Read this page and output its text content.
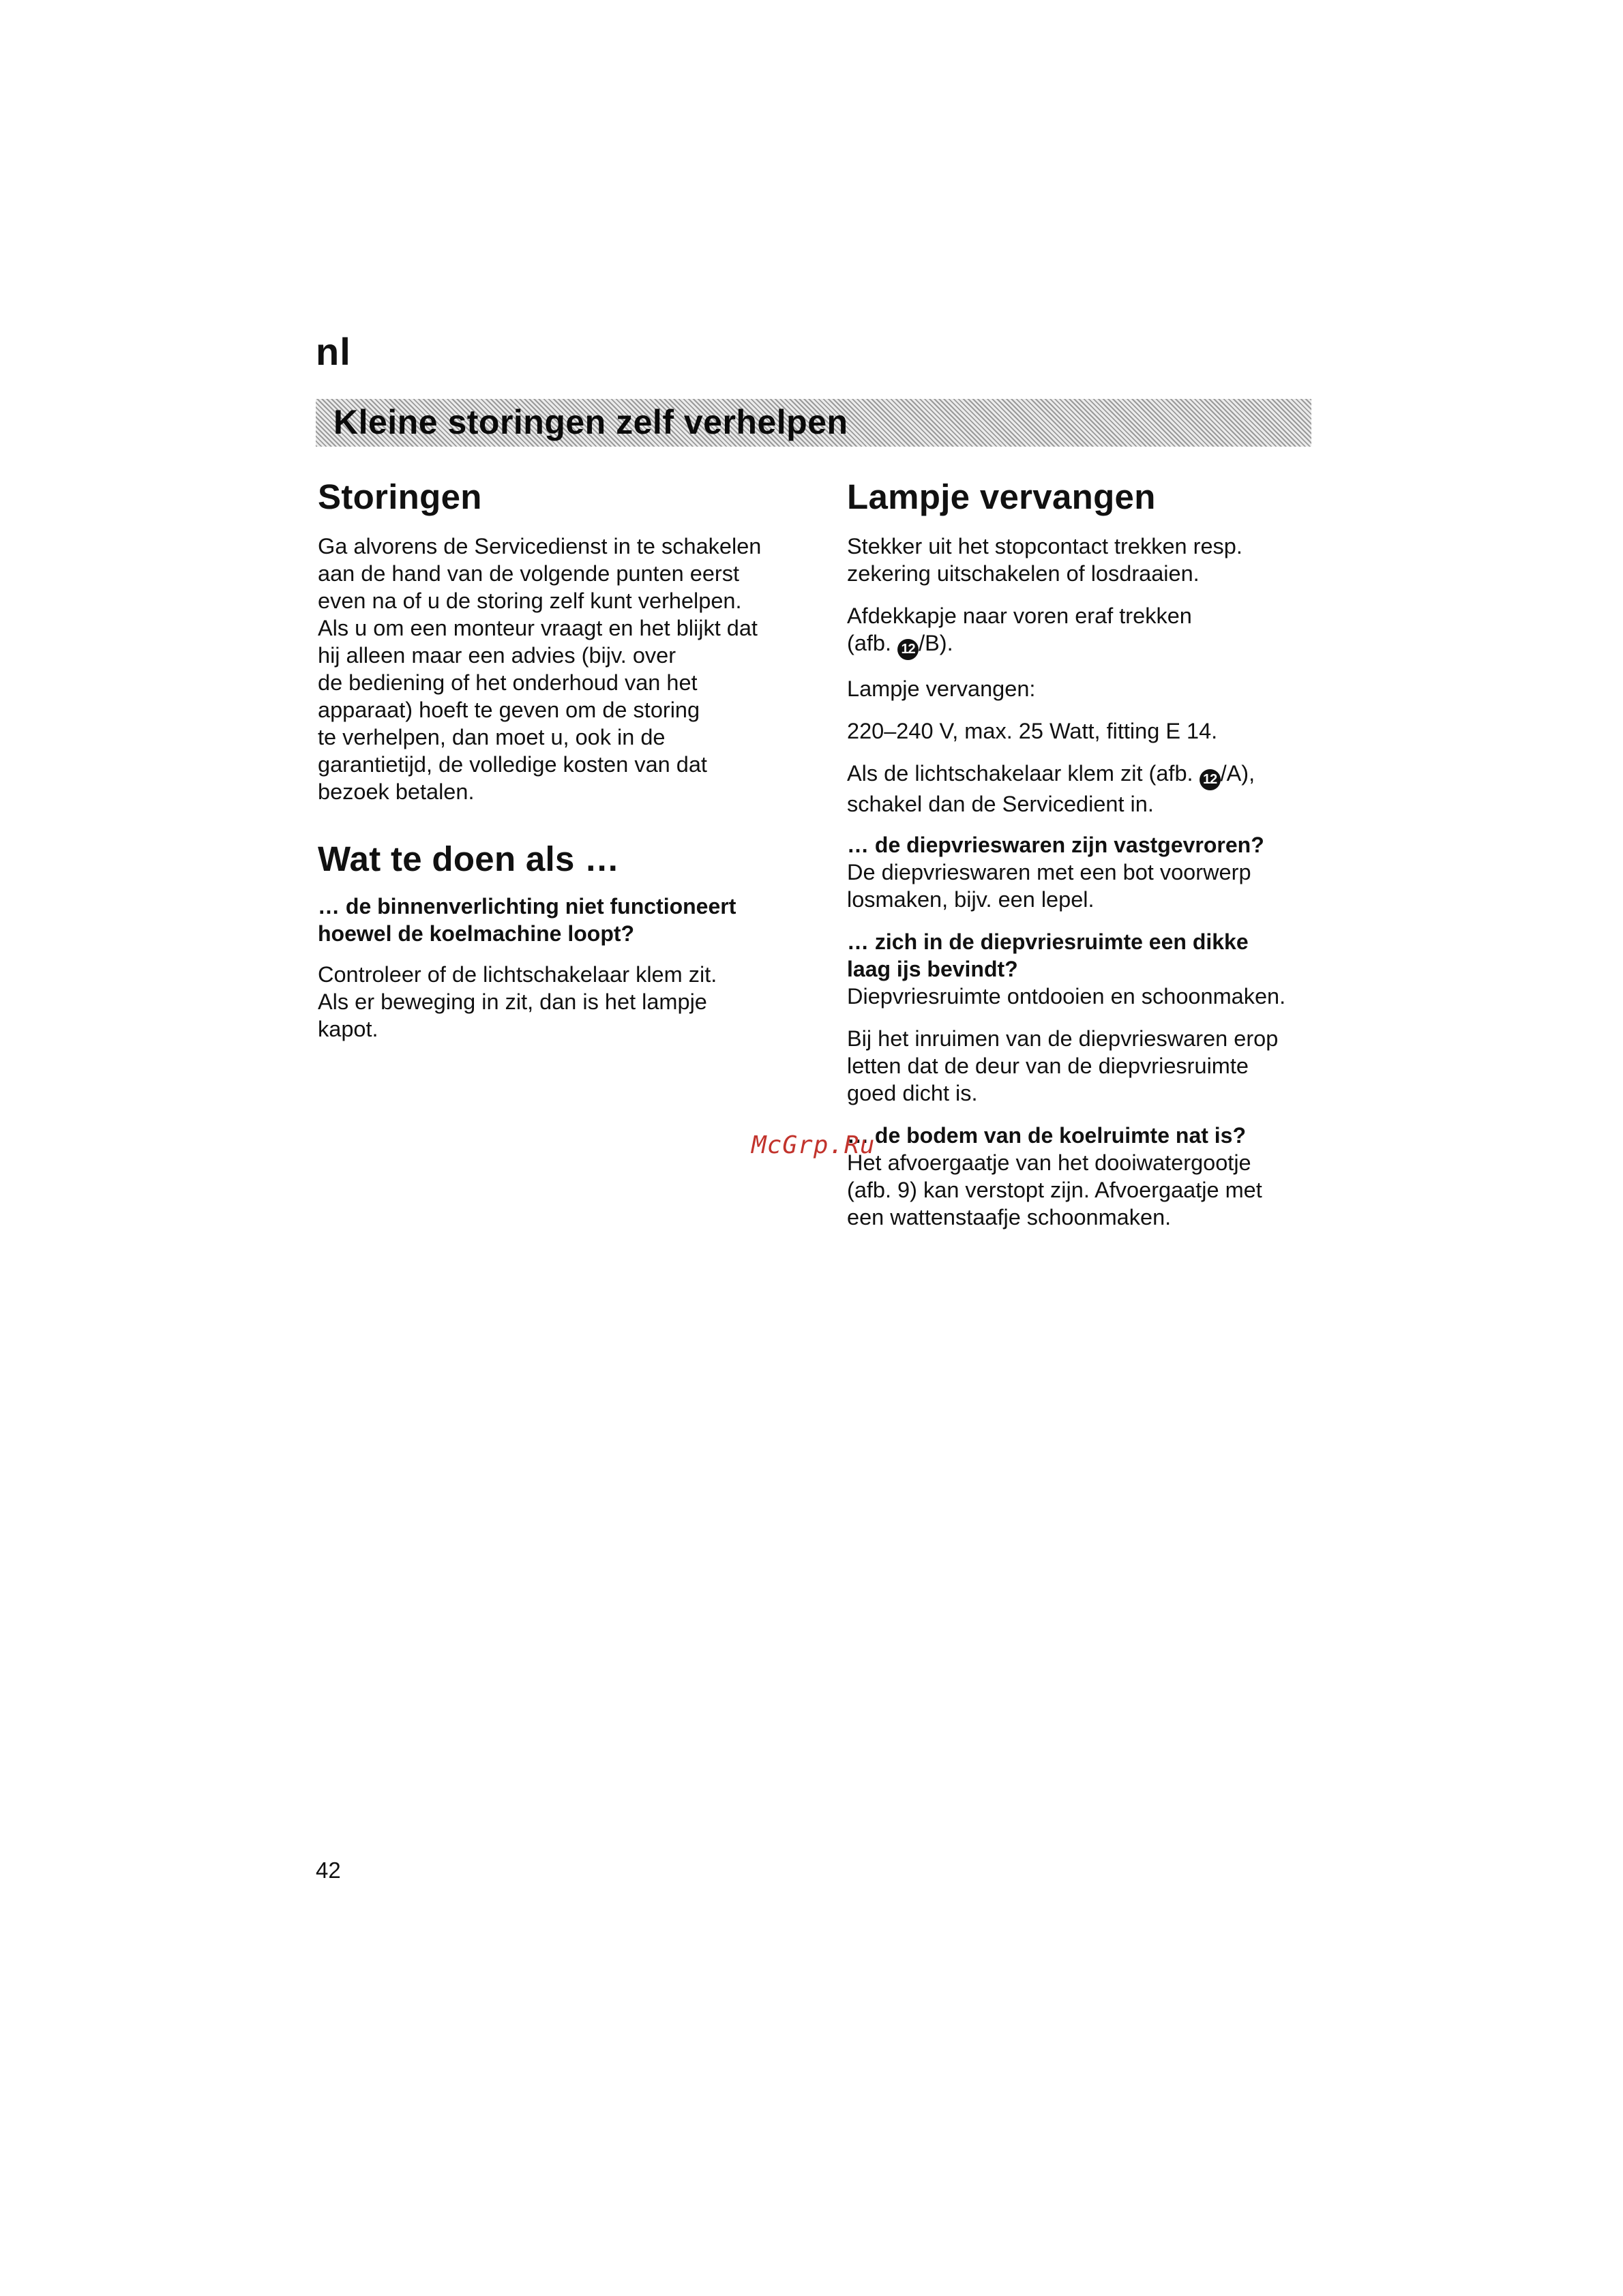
nl
Kleine storingen zelf verhelpen
Storingen

Ga alvorens de Servicedienst in te schakelen

aan de hand van de volgende punten eerst

even na of u de storing zelf kunt verhelpen.

Als u om een monteur vraagt en het blijkt dat

hij alleen maar een advies (bijv. over

de bediening of het onderhoud van het

apparaat) hoeft te geven om de storing

te verhelpen, dan moet u, ook in de

garantietijd, de volledige kosten van dat

bezoek betalen.

Wat te doen als …

… de binnenverlichting niet functioneert

hoewel de koelmachine loopt?

Controleer of de lichtschakelaar klem zit.

Als er beweging in zit, dan is het lampje

kapot.

Lampje vervangen

Stekker uit het stopcontact trekken resp.

zekering uitschakelen of losdraaien.

Afdekkapje naar voren eraf trekken

(afb. 12 /B).

Lampje vervangen:

220–240 V, max. 25 Watt, fitting E 14.

Als de lichtschakelaar klem zit (afb. 12 /A),

schakel dan de Servicedient in.

… de diepvrieswaren zijn vastgevroren?

De diepvrieswaren met een bot voorwerp

losmaken, bijv. een lepel.

… zich in de diepvriesruimte een dikke

laag ijs bevindt?

Diepvriesruimte ontdooien en schoonmaken.

Bij het inruimen van de diepvrieswaren erop

letten dat de deur van de diepvriesruimte

goed dicht is.

… de bodem van de koelruimte nat is?

Het afvoergaatje van het dooiwatergootje

(afb. 9) kan verstopt zijn. Afvoergaatje met

een wattenstaafje schoonmaken.

McGrp.Ru
42
